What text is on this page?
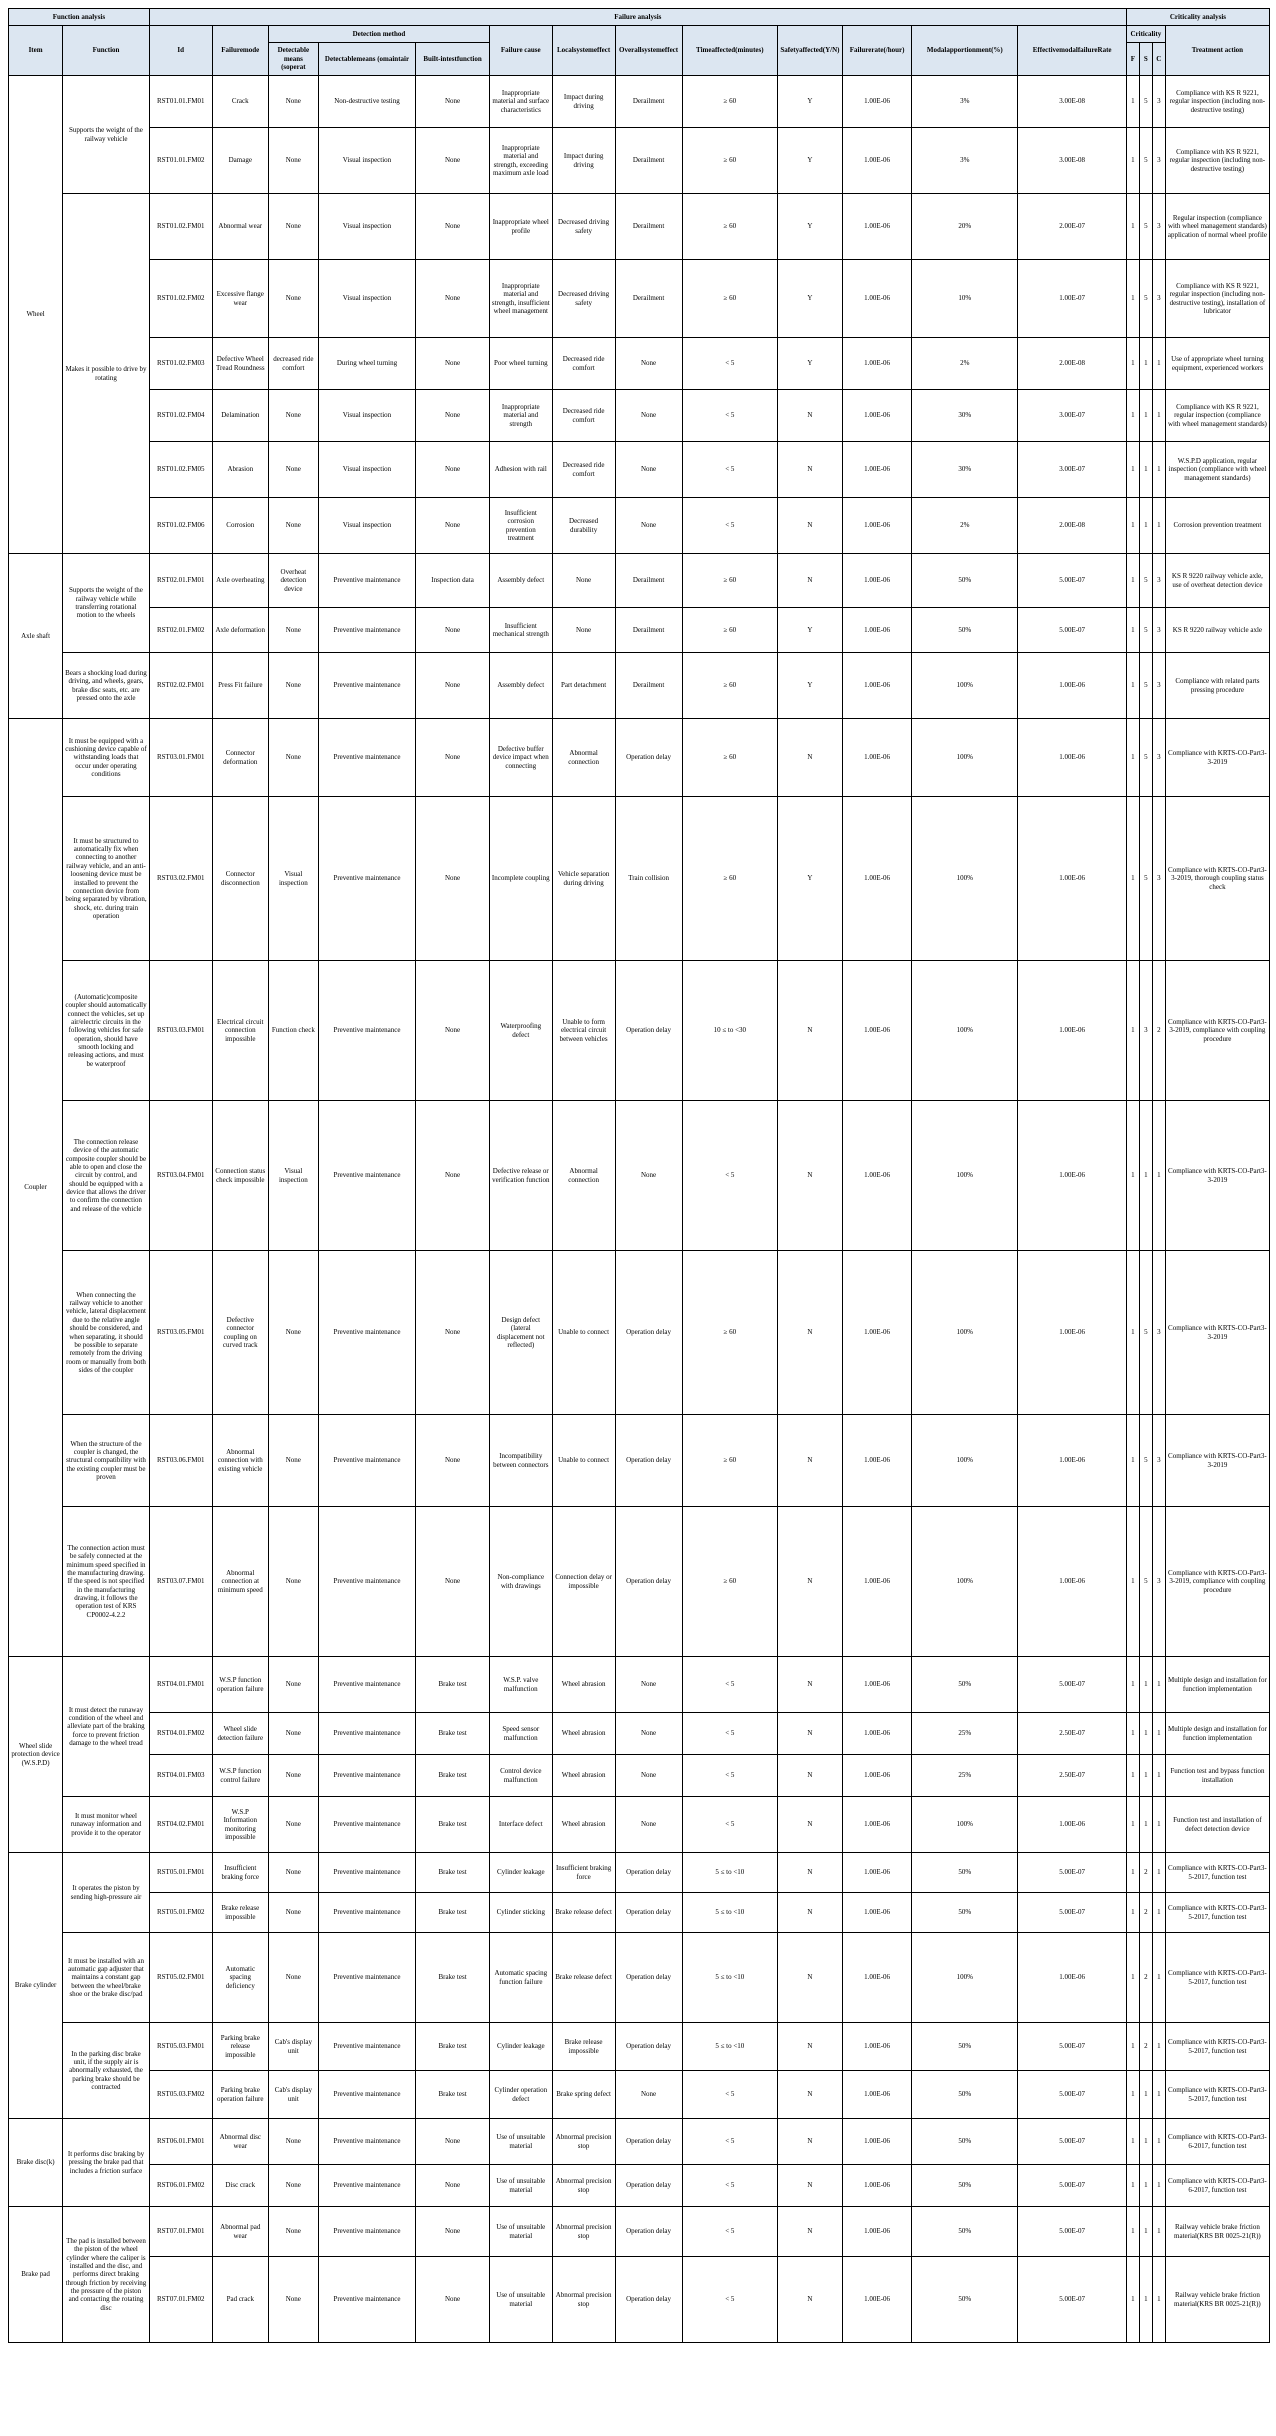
Function analysis		Failure analysis													Criticality analysis			
Item	Function	Id	Failuremode	Detection method			Failure cause	Localsystemeffect	Overallsystemeffect	Timeaffected(minutes)	Safetyaffected(Y/N)	Failurerate(/hour)	Modalapportionment(%)	EffectivemodalfailureRate	Criticality			Treatment action
				Detectable means (soperat	Detectablemeans (omaintair	Built-intestfunction									F	S	C	
Wheel	Supports the weight of the railway vehicle	RST01.01.FM01	Crack	None	Non-destructive testing	None	Inappropriate material and surface characteristics	Impact during driving	Derailment	≥ 60	Y	1.00E-06	3%	3.00E-08	1	5	3	Compliance with KS R 9221, regular inspection (including non-destructive testing)
		RST01.01.FM02	Damage	None	Visual inspection	None	Inappropriate material and strength, exceeding maximum axle load	Impact during driving	Derailment	≥ 60	Y	1.00E-06	3%	3.00E-08	1	5	3	Compliance with KS R 9221, regular inspection (including non-destructive testing)
	Makes it possible to drive by rotating	RST01.02.FM01	Abnormal wear	None	Visual inspection	None	Inappropriate wheel profile	Decreased driving safety	Derailment	≥ 60	Y	1.00E-06	20%	2.00E-07	1	5	3	Regular inspection (compliance with wheel management standards) application of normal wheel profile
		RST01.02.FM02	Excessive flange wear	None	Visual inspection	None	Inappropriate material and strength, insufficient wheel management	Decreased driving safety	Derailment	≥ 60	Y	1.00E-06	10%	1.00E-07	1	5	3	Compliance with KS R 9221, regular inspection (including non-destructive testing), installation of lubricator
		RST01.02.FM03	Defective Wheel Tread Roundness	decreased ride comfort	During wheel turning	None	Poor wheel turning	Decreased ride comfort	None	< 5	Y	1.00E-06	2%	2.00E-08	1	1	1	Use of appropriate wheel turning equipment, experienced workers
		RST01.02.FM04	Delamination	None	Visual inspection	None	Inappropriate material and strength	Decreased ride comfort	None	< 5	N	1.00E-06	30%	3.00E-07	1	1	1	Compliance with KS R 9221, regular inspection (compliance with wheel management standards)
		RST01.02.FM05	Abrasion	None	Visual inspection	None	Adhesion with rail	Decreased ride comfort	None	< 5	N	1.00E-06	30%	3.00E-07	1	1	1	W.S.P.D application, regular inspection (compliance with wheel management standards)
		RST01.02.FM06	Corrosion	None	Visual inspection	None	Insufficient corrosion prevention treatment	Decreased durability	None	< 5	N	1.00E-06	2%	2.00E-08	1	1	1	Corrosion prevention treatment
Axle shaft	Supports the weight of the railway vehicle while transferring rotational motion to the wheels	RST02.01.FM01	Axle overheating	Overheat detection device	Preventive maintenance	Inspection data	Assembly defect	None	Derailment	≥ 60	N	1.00E-06	50%	5.00E-07	1	5	3	KS R 9220 railway vehicle axle, use of overheat detection device
		RST02.01.FM02	Axle deformation	None	Preventive maintenance	None	Insufficient mechanical strength	None	Derailment	≥ 60	Y	1.00E-06	50%	5.00E-07	1	5	3	KS R 9220 railway vehicle axle
	Bears a shocking load during driving, and wheels, gears, brake disc seats, etc. are pressed onto the axle	RST02.02.FM01	Press Fit failure	None	Preventive maintenance	None	Assembly defect	Part detachment	Derailment	≥ 60	Y	1.00E-06	100%	1.00E-06	1	5	3	Compliance with related parts pressing procedure
Coupler	It must be equipped with a cushioning device capable of withstanding loads that occur under operating conditions	RST03.01.FM01	Connector deformation	None	Preventive maintenance	None	Defective buffer device impact when connecting	Abnormal connection	Operation delay	≥ 60	N	1.00E-06	100%	1.00E-06	1	5	3	Compliance with KRTS-CO-Part3-3-2019
	It must be structured to automatically fix when connecting to another railway vehicle, and an anti-loosening device must be installed to prevent the connection device from being separated by vibration, shock, etc. during train operation	RST03.02.FM01	Connector disconnection	Visual inspection	Preventive maintenance	None	Incomplete coupling	Vehicle separation during driving	Train collision	≥ 60	Y	1.00E-06	100%	1.00E-06	1	5	3	Compliance with KRTS-CO-Part3-3-2019, thorough coupling status check
	(Automatic)composite coupler should automatically connect the vehicles, set up air/electric circuits in the following vehicles for safe operation, should have smooth locking and releasing actions, and must be waterproof	RST03.03.FM01	Electrical circuit connection impossible	Function check	Preventive maintenance	None	Waterproofing defect	Unable to form electrical circuit between vehicles	Operation delay	10 ≤ to <30	N	1.00E-06	100%	1.00E-06	1	3	2	Compliance with KRTS-CO-Part3-3-2019, compliance with coupling procedure
	The connection release device of the automatic composite coupler should be able to open and close the circuit by control, and should be equipped with a device that allows the driver to confirm the connection and release of the vehicle	RST03.04.FM01	Connection status check impossible	Visual inspection	Preventive maintenance	None	Defective release or verification function	Abnormal connection	None	< 5	N	1.00E-06	100%	1.00E-06	1	1	1	Compliance with KRTS-CO-Part3-3-2019
	When connecting the railway vehicle to another vehicle, lateral displacement due to the relative angle should be considered, and when separating, it should be possible to separate remotely from the driving room or manually from both sides of the coupler	RST03.05.FM01	Defective connector coupling on curved track	None	Preventive maintenance	None	Design defect (lateral displacement not reflected)	Unable to connect	Operation delay	≥ 60	N	1.00E-06	100%	1.00E-06	1	5	3	Compliance with KRTS-CO-Part3-3-2019
	When the structure of the coupler is changed, the structural compatibility with the existing coupler must be proven	RST03.06.FM01	Abnormal connection with existing vehicle	None	Preventive maintenance	None	Incompatibility between connectors	Unable to connect	Operation delay	≥ 60	N	1.00E-06	100%	1.00E-06	1	5	3	Compliance with KRTS-CO-Part3-3-2019
	The connection action must be safely connected at the minimum speed specified in the manufacturing drawing. If the speed is not specified in the manufacturing drawing, it follows the operation test of KRS CP0002-4.2.2	RST03.07.FM01	Abnormal connection at minimum speed	None	Preventive maintenance	None	Non-compliance with drawings	Connection delay or impossible	Operation delay	≥ 60	N	1.00E-06	100%	1.00E-06	1	5	3	Compliance with KRTS-CO-Part3-3-2019, compliance with coupling procedure
Wheel slide protection device (W.S.P.D)	It must detect the runaway condition of the wheel and alleviate part of the braking force to prevent friction damage to the wheel tread	RST04.01.FM01	W.S.P function operation failure	None	Preventive maintenance	Brake test	W.S.P. valve malfunction	Wheel abrasion	None	< 5	N	1.00E-06	50%	5.00E-07	1	1	1	Multiple design and installation for function implementation
		RST04.01.FM02	Wheel slide detection failure	None	Preventive maintenance	Brake test	Speed sensor malfunction	Wheel abrasion	None	< 5	N	1.00E-06	25%	2.50E-07	1	1	1	Multiple design and installation for function implementation
		RST04.01.FM03	W.S.P function control failure	None	Preventive maintenance	Brake test	Control device malfunction	Wheel abrasion	None	< 5	N	1.00E-06	25%	2.50E-07	1	1	1	Function test and bypass function installation
	It must monitor wheel runaway information and provide it to the operator	RST04.02.FM01	W.S.P Information monitoring impossible	None	Preventive maintenance	Brake test	Interface defect	Wheel abrasion	None	< 5	N	1.00E-06	100%	1.00E-06	1	1	1	Function test and installation of defect detection device
Brake cylinder	It operates the piston by sending high-pressure air	RST05.01.FM01	Insufficient braking force	None	Preventive maintenance	Brake test	Cylinder leakage	Insufficient braking force	Operation delay	5 ≤ to <10	N	1.00E-06	50%	5.00E-07	1	2	1	Compliance with KRTS-CO-Part3-5-2017, function test
		RST05.01.FM02	Brake release impossible	None	Preventive maintenance	Brake test	Cylinder sticking	Brake release defect	Operation delay	5 ≤ to <10	N	1.00E-06	50%	5.00E-07	1	2	1	Compliance with KRTS-CO-Part3-5-2017, function test
	It must be installed with an automatic gap adjuster that maintains a constant gap between the wheel/brake shoe or the brake disc/pad	RST05.02.FM01	Automatic spacing deficiency	None	Preventive maintenance	Brake test	Automatic spacing function failure	Brake release defect	Operation delay	5 ≤ to <10	N	1.00E-06	100%	1.00E-06	1	2	1	Compliance with KRTS-CO-Part3-5-2017, function test
	In the parking disc brake unit, if the supply air is abnormally exhausted, the parking brake should be contracted	RST05.03.FM01	Parking brake release impossible	Cab's display unit	Preventive maintenance	Brake test	Cylinder leakage	Brake release impossible	Operation delay	5 ≤ to <10	N	1.00E-06	50%	5.00E-07	1	2	1	Compliance with KRTS-CO-Part3-5-2017, function test
		RST05.03.FM02	Parking brake operation failure	Cab's display unit	Preventive maintenance	Brake test	Cylinder operation defect	Brake spring defect	None	< 5	N	1.00E-06	50%	5.00E-07	1	1	1	Compliance with KRTS-CO-Part3-5-2017, function test
Brake disc(k)	It performs disc braking by pressing the brake pad that includes a friction surface	RST06.01.FM01	Abnormal disc wear	None	Preventive maintenance	None	Use of unsuitable material	Abnormal precision stop	Operation delay	< 5	N	1.00E-06	50%	5.00E-07	1	1	1	Compliance with KRTS-CO-Part3-6-2017, function test
		RST06.01.FM02	Disc crack	None	Preventive maintenance	None	Use of unsuitable material	Abnormal precision stop	Operation delay	< 5	N	1.00E-06	50%	5.00E-07	1	1	1	Compliance with KRTS-CO-Part3-6-2017, function test
Brake pad	The pad is installed between the piston of the wheel cylinder where the caliper is installed and the disc, and performs direct braking through friction by receiving the pressure of the piston and contacting the rotating disc	RST07.01.FM01	Abnormal pad wear	None	Preventive maintenance	None	Use of unsuitable material	Abnormal precision stop	Operation delay	< 5	N	1.00E-06	50%	5.00E-07	1	1	1	Railway vehicle brake friction material(KRS BR 0025-21(R))
		RST07.01.FM02	Pad crack	None	Preventive maintenance	None	Use of unsuitable material	Abnormal precision stop	Operation delay	< 5	N	1.00E-06	50%	5.00E-07	1	1	1	Railway vehicle brake friction material(KRS BR 0025-21(R))
